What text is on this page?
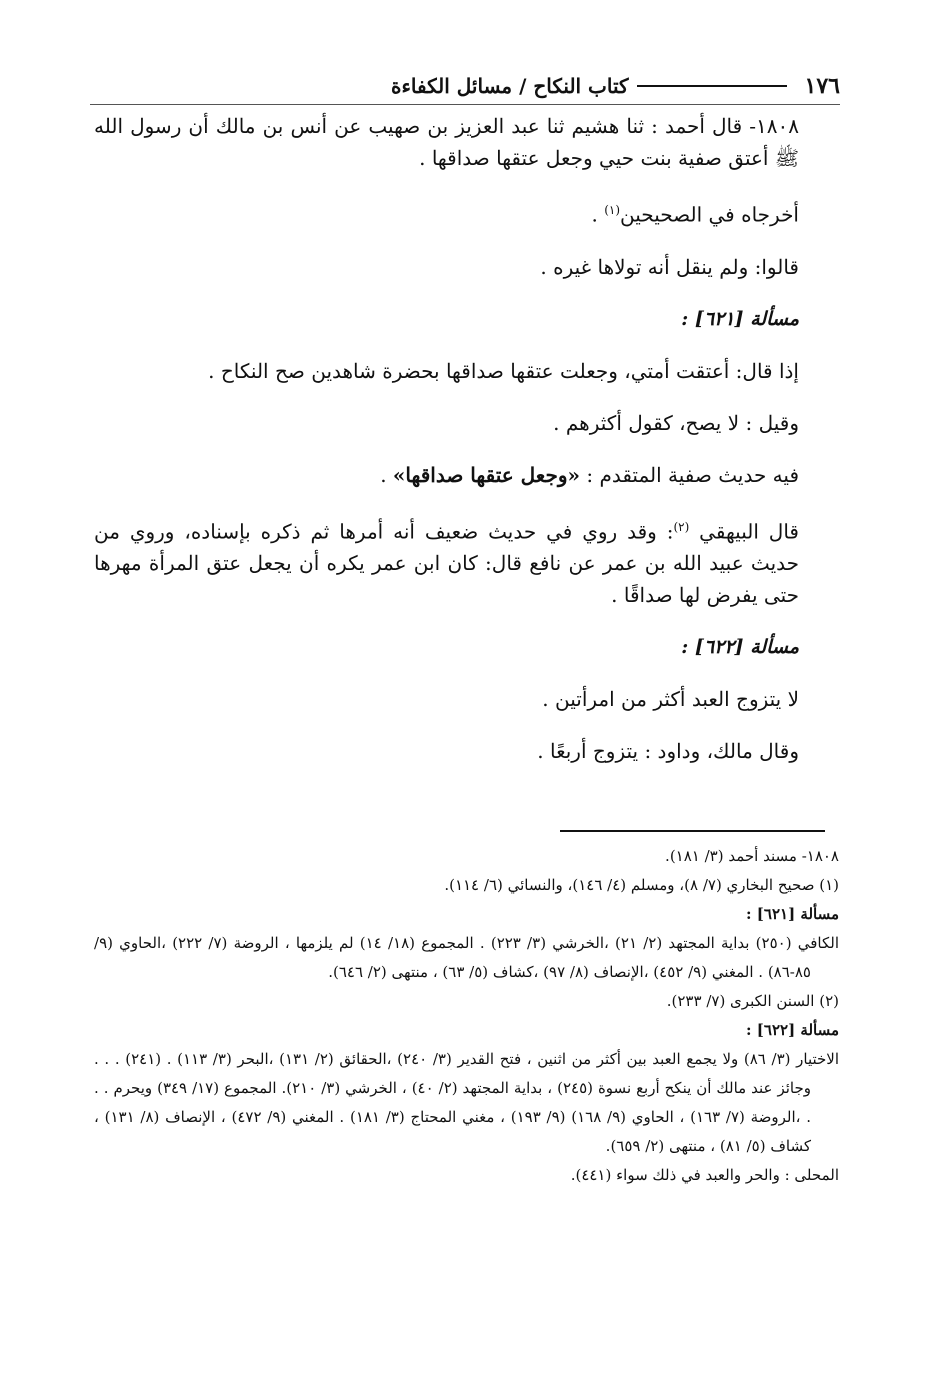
١٧٦
كتاب النكاح / مسائل الكفاءة

١٨٠٨- قال أحمد : ثنا هشيم ثنا عبد العزيز بن صهيب عن أنس بن مالك أن رسول الله ﷺ أعتق صفية بنت حيي وجعل عتقها صداقها .

أخرجاه في الصحيحين$^{(١)}$ .

قالوا: ولم ينقل أنه تولاها غيره .

مسألة [٦٢١] :

إذا قال: أعتقت أمتي، وجعلت عتقها صداقها بحضرة شاهدين صح النكاح .

وقيل : لا يصح، كقول أكثرهم .

فيه حديث صفية المتقدم : «وجعل عتقها صداقها» .

قال البيهقي $^{(٢)}$: وقد روي في حديث ضعيف أنه أمرها ثم ذكره بإسناده، وروي من حديث عبيد الله بن عمر عن نافع قال: كان ابن عمر يكره أن يجعل عتق المرأة مهرها حتى يفرض لها صداقًا .

مسألة [٦٢٢] :

لا يتزوج العبد أكثر من امرأتين .

وقال مالك، وداود : يتزوج أربعًا .

١٨٠٨- مسند أحمد (٣/ ١٨١).

(١) صحيح البخاري (٧/ ٨)، ومسلم (٤/ ١٤٦)، والنسائي (٦/ ١١٤).

مسألة [٦٢١] :

الكافي (٢٥٠) بداية المجتهد (٢/ ٢١) ،الخرشي (٣/ ٢٢٣) . المجموع (١٨/ ١٤) لم يلزمها ، الروضة (٧/ ٢٢٢) ،الحاوي (٩/ ٨٥-٨٦) . المغني (٩/ ٤٥٢) ،الإنصاف (٨/ ٩٧) ،كشاف (٥/ ٦٣) ، منتهى (٢/ ٦٤٦).

(٢) السنن الكبرى (٧/ ٢٣٣).

مسألة [٦٢٢] :

الاختيار (٣/ ٨٦) ولا يجمع العبد بين أكثر من اثنين ، فتح القدير (٣/ ٢٤٠) ،الحقائق (٢/ ١٣١) ،البحر (٣/ ١١٣) . (٢٤١) . . . وجائز عند مالك أن ينكح أربع نسوة (٢٤٥) ، بداية المجتهد (٢/ ٤٠) ، الخرشي (٣/ ٢١٠). المجموع (١٧/ ٣٤٩) ويحرم . . . ،الروضة (٧/ ١٦٣) ، الحاوي (٩/ ١٦٨) (٩/ ١٩٣) ، مغني المحتاج (٣/ ١٨١) . المغني (٩/ ٤٧٢) ، الإنصاف (٨/ ١٣١) ، كشاف (٥/ ٨١) ، منتهى (٢/ ٦٥٩).

المحلى : والحر والعبد في ذلك سواء (٤٤١).
